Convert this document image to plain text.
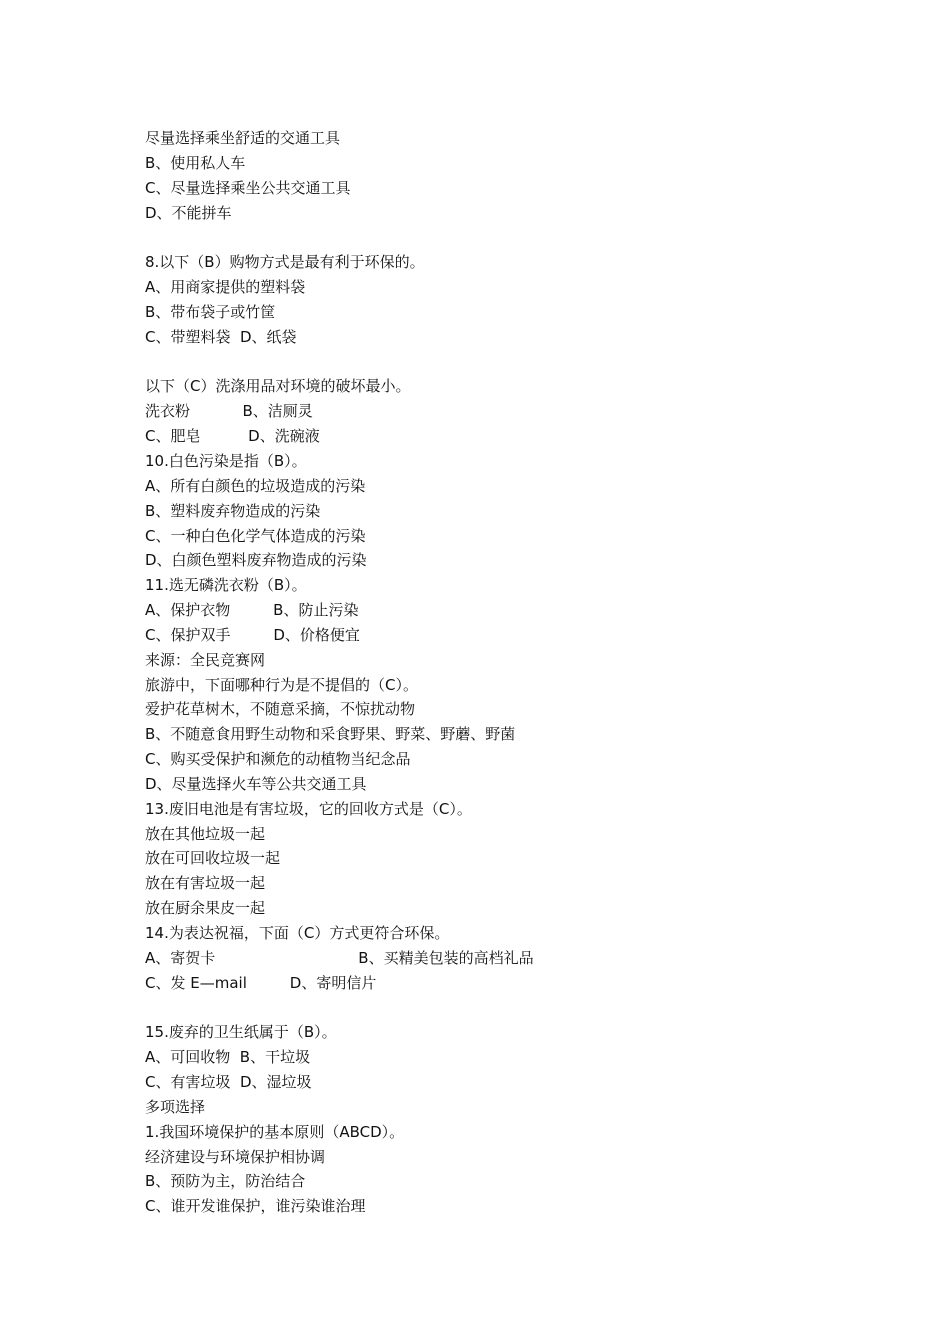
尽量选择乘坐舒适的交通工具
B、使用私人车
C、尽量选择乘坐公共交通工具
D、不能拼车
8.以下（B）购物方式是最有利于环保的。
A、用商家提供的塑料袋
B、带布袋子或竹筐
C、带塑料袋  D、纸袋
以下（C）洗涤用品对环境的破坏最小。
洗衣粉           B、洁厕灵
C、肥皂          D、洗碗液
10.白色污染是指（B）。
A、所有白颜色的垃圾造成的污染
B、塑料废弃物造成的污染
C、一种白色化学气体造成的污染
D、白颜色塑料废弃物造成的污染
11.选无磷洗衣粉（B）。
A、保护衣物         B、防止污染
C、保护双手         D、价格便宜
来源：全民竞赛网
旅游中，下面哪种行为是不提倡的（C）。
爱护花草树木，不随意采摘，不惊扰动物
B、不随意食用野生动物和采食野果、野菜、野蘑、野菌
C、购买受保护和濒危的动植物当纪念品
D、尽量选择火车等公共交通工具
13.废旧电池是有害垃圾，它的回收方式是（C）。
放在其他垃圾一起
放在可回收垃圾一起
放在有害垃圾一起
放在厨余果皮一起
14.为表达祝福，下面（C）方式更符合环保。
A、寄贺卡                              B、买精美包装的高档礼品
C、发 E—mail         D、寄明信片
15.废弃的卫生纸属于（B）。
A、可回收物  B、干垃圾
C、有害垃圾  D、湿垃圾
多项选择
1.我国环境保护的基本原则（ABCD）。
经济建设与环境保护相协调
B、预防为主，防治结合
C、谁开发谁保护，谁污染谁治理
